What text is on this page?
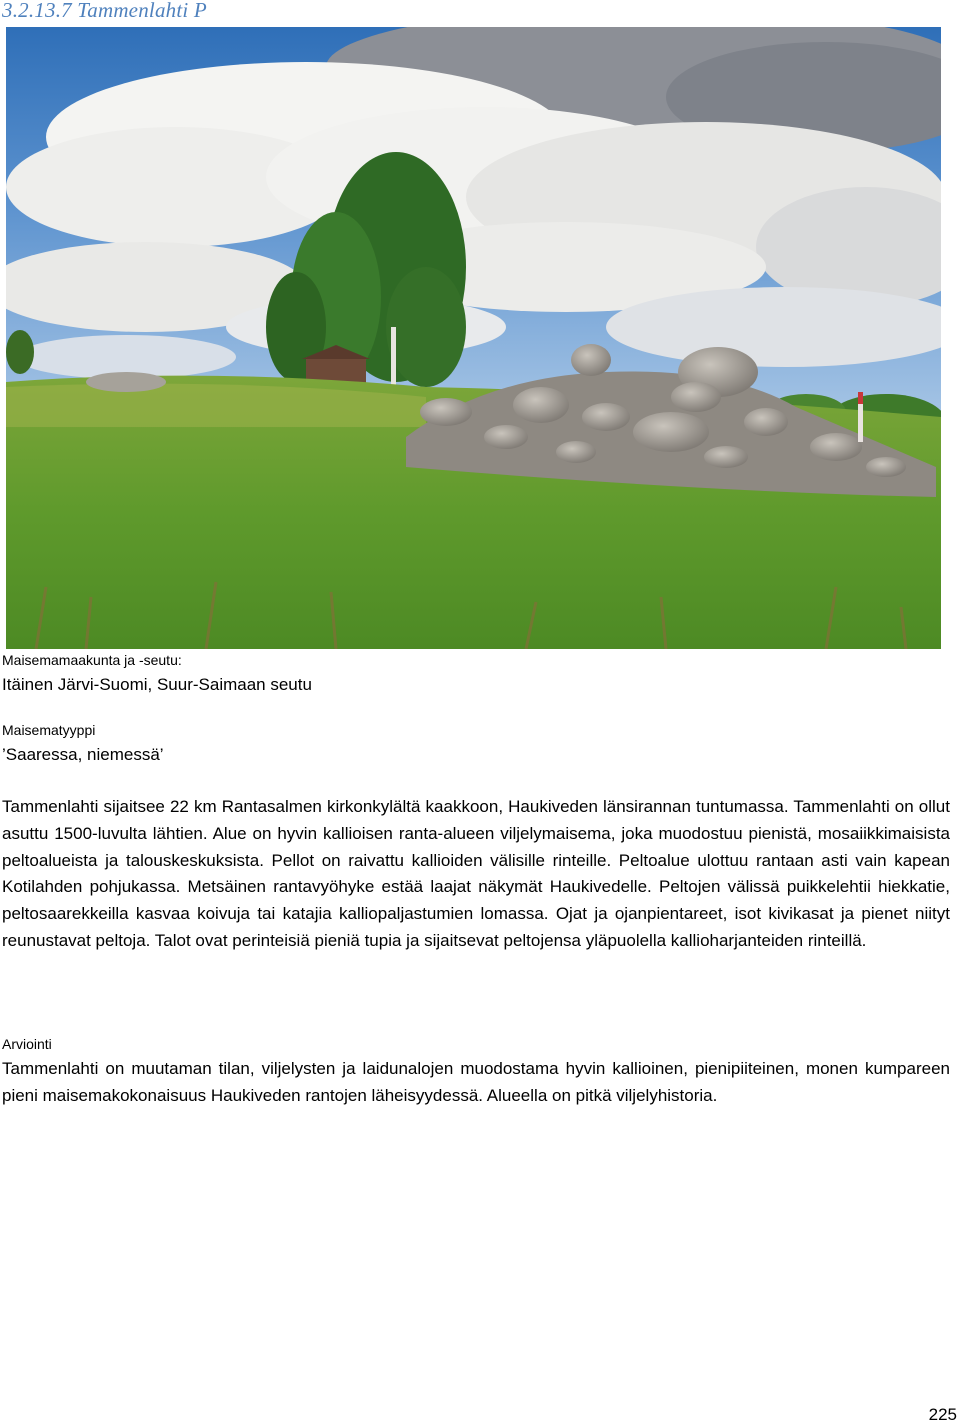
3.2.13.7 Tammenlahti P
Maisemamaakunta ja -seutu:
Itäinen Järvi-Suomi, Suur-Saimaan seutu
Maisematyyppi
’Saaressa, niemessä’
Tammenlahti sijaitsee 22 km Rantasalmen kirkonkylältä kaakkoon, Haukiveden länsirannan tuntumassa. Tammenlahti on ollut asuttu 1500-luvulta lähtien. Alue on hyvin kallioisen ranta-alueen viljelymaisema, joka muodostuu pienistä, mosaiikkimaisista peltoalueista ja talouskeskuksista. Pellot on raivattu kallioiden välisille rinteille. Peltoalue ulottuu rantaan asti vain kapean Kotilahden pohjukassa. Metsäinen rantavyöhyke estää laajat näkymät Haukivedelle. Peltojen välissä puikkelehtii hiekkatie, peltosaarekkeilla kasvaa koivuja tai katajia kalliopaljastumien lomassa. Ojat ja ojanpientareet, isot kivikasat ja pienet niityt reunustavat peltoja. Talot ovat perinteisiä pieniä tupia ja sijaitsevat peltojensa yläpuolella kallioharjanteiden rinteillä.
Arviointi
Tammenlahti on muutaman tilan, viljelysten ja laidunalojen muodostama hyvin kallioinen, pienipiiteinen, monen kumpareen pieni maisemakokonaisuus Haukiveden rantojen läheisyydessä. Alueella on pitkä viljelyhistoria.
225
